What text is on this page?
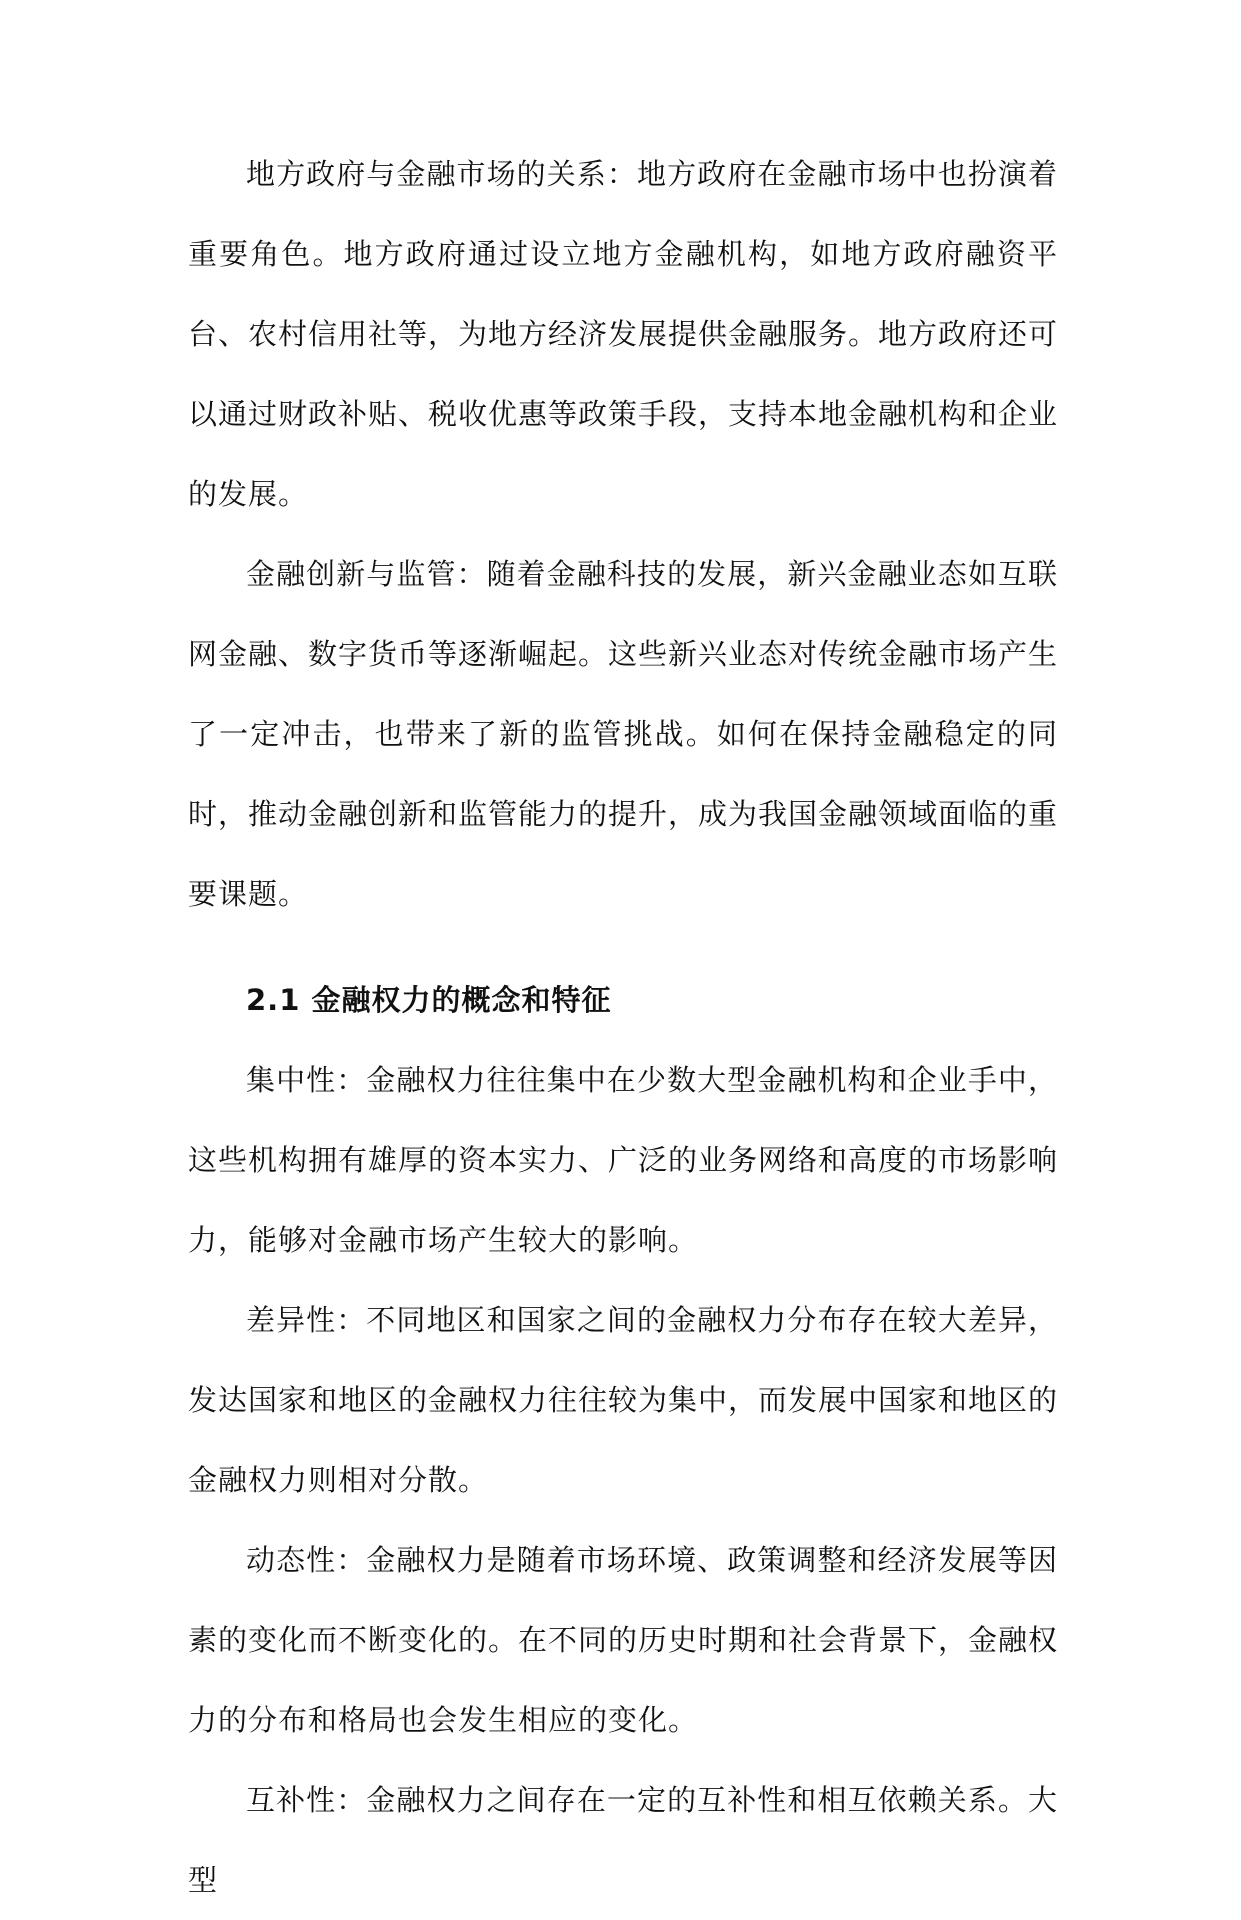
地方政府与金融市场的关系：地方政府在金融市场中也扮演着重要角色。地方政府通过设立地方金融机构，如地方政府融资平台、农村信用社等，为地方经济发展提供金融服务。地方政府还可以通过财政补贴、税收优惠等政策手段，支持本地金融机构和企业的发展。

金融创新与监管：随着金融科技的发展，新兴金融业态如互联网金融、数字货币等逐渐崛起。这些新兴业态对传统金融市场产生了一定冲击，也带来了新的监管挑战。如何在保持金融稳定的同时，推动金融创新和监管能力的提升，成为我国金融领域面临的重要课题。

2.1 金融权力的概念和特征

集中性：金融权力往往集中在少数大型金融机构和企业手中，这些机构拥有雄厚的资本实力、广泛的业务网络和高度的市场影响力，能够对金融市场产生较大的影响。

差异性：不同地区和国家之间的金融权力分布存在较大差异，发达国家和地区的金融权力往往较为集中，而发展中国家和地区的金融权力则相对分散。

动态性：金融权力是随着市场环境、政策调整和经济发展等因素的变化而不断变化的。在不同的历史时期和社会背景下，金融权力的分布和格局也会发生相应的变化。

互补性：金融权力之间存在一定的互补性和相互依赖关系。大型
